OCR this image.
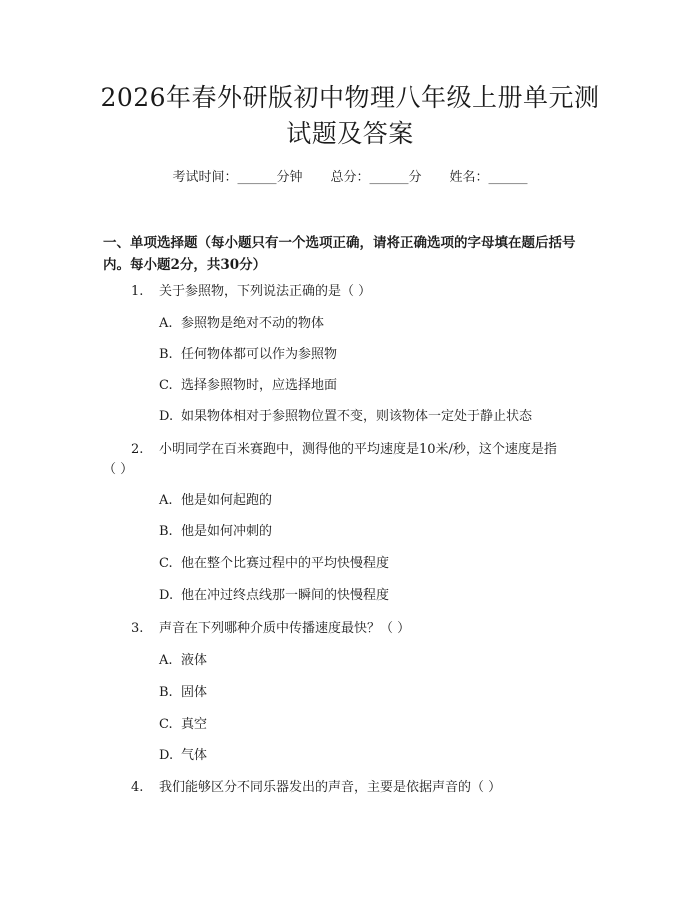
2026年春外研版初中物理八年级上册单元测
试题及答案
考试时间：______分钟 总分：______分 姓名：______
一、单项选择题（每小题只有一个选项正确，请将正确选项的字母填在题后括号
内。每小题2分，共30分）
1. 关于参照物，下列说法正确的是（ ）
A. 参照物是绝对不动的物体
B. 任何物体都可以作为参照物
C. 选择参照物时，应选择地面
D. 如果物体相对于参照物位置不变，则该物体一定处于静止状态
2. 小明同学在百米赛跑中，测得他的平均速度是10米/秒，这个速度是指
（ ）
A. 他是如何起跑的
B. 他是如何冲刺的
C. 他在整个比赛过程中的平均快慢程度
D. 他在冲过终点线那一瞬间的快慢程度
3. 声音在下列哪种介质中传播速度最快？（ ）
A. 液体
B. 固体
C. 真空
D. 气体
4. 我们能够区分不同乐器发出的声音，主要是依据声音的（ ）
